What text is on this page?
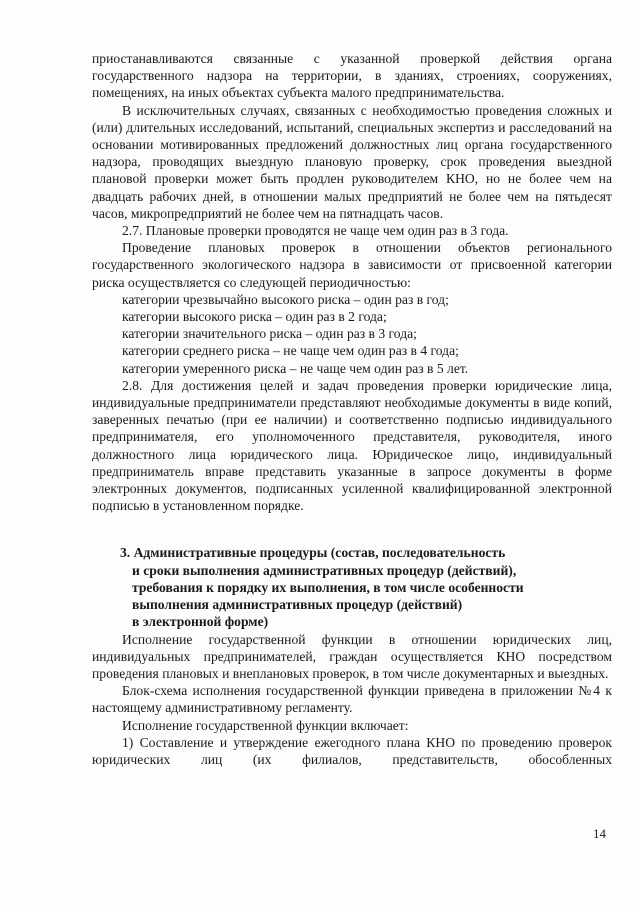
приостанавливаются связанные с указанной проверкой действия органа государственного надзора на территории, в зданиях, строениях, сооружениях, помещениях, на иных объектах субъекта малого предпринимательства.

В исключительных случаях, связанных с необходимостью проведения сложных и (или) длительных исследований, испытаний, специальных экспертиз и расследований на основании мотивированных предложений должностных лиц органа государственного надзора, проводящих выездную плановую проверку, срок проведения выездной плановой проверки может быть продлен руководителем КНО, но не более чем на двадцать рабочих дней, в отношении малых предприятий не более чем на пятьдесят часов, микропредприятий не более чем на пятнадцать часов.

2.7. Плановые проверки проводятся не чаще чем один раз в 3 года.

Проведение плановых проверок в отношении объектов регионального государственного экологического надзора в зависимости от присвоенной категории риска осуществляется со следующей периодичностью:

категории чрезвычайно высокого риска – один раз в год;

категории высокого риска – один раз в 2 года;

категории значительного риска – один раз в 3 года;

категории среднего риска – не чаще чем один раз в 4 года;

категории умеренного риска – не чаще чем один раз в 5 лет.

2.8. Для достижения целей и задач проведения проверки юридические лица, индивидуальные предприниматели представляют необходимые документы в виде копий, заверенных печатью (при ее наличии) и соответственно подписью индивидуального предпринимателя, его уполномоченного представителя, руководителя, иного должностного лица юридического лица. Юридическое лицо, индивидуальный предприниматель вправе представить указанные в запросе документы в форме электронных документов, подписанных усиленной квалифицированной электронной подписью в установленном порядке.

3. Административные процедуры (состав, последовательность
и сроки выполнения административных процедур (действий),
требования к порядку их выполнения, в том числе особенности
выполнения административных процедур (действий)
в электронной форме)

Исполнение государственной функции в отношении юридических лиц, индивидуальных предпринимателей, граждан осуществляется КНО посредством проведения плановых и внеплановых проверок, в том числе документарных и выездных.

Блок-схема исполнения государственной функции приведена в приложении №4 к настоящему административному регламенту.

Исполнение государственной функции включает:

1) Составление и утверждение ежегодного плана КНО по проведению проверок юридических лиц (их филиалов, представительств, обособленных

14
